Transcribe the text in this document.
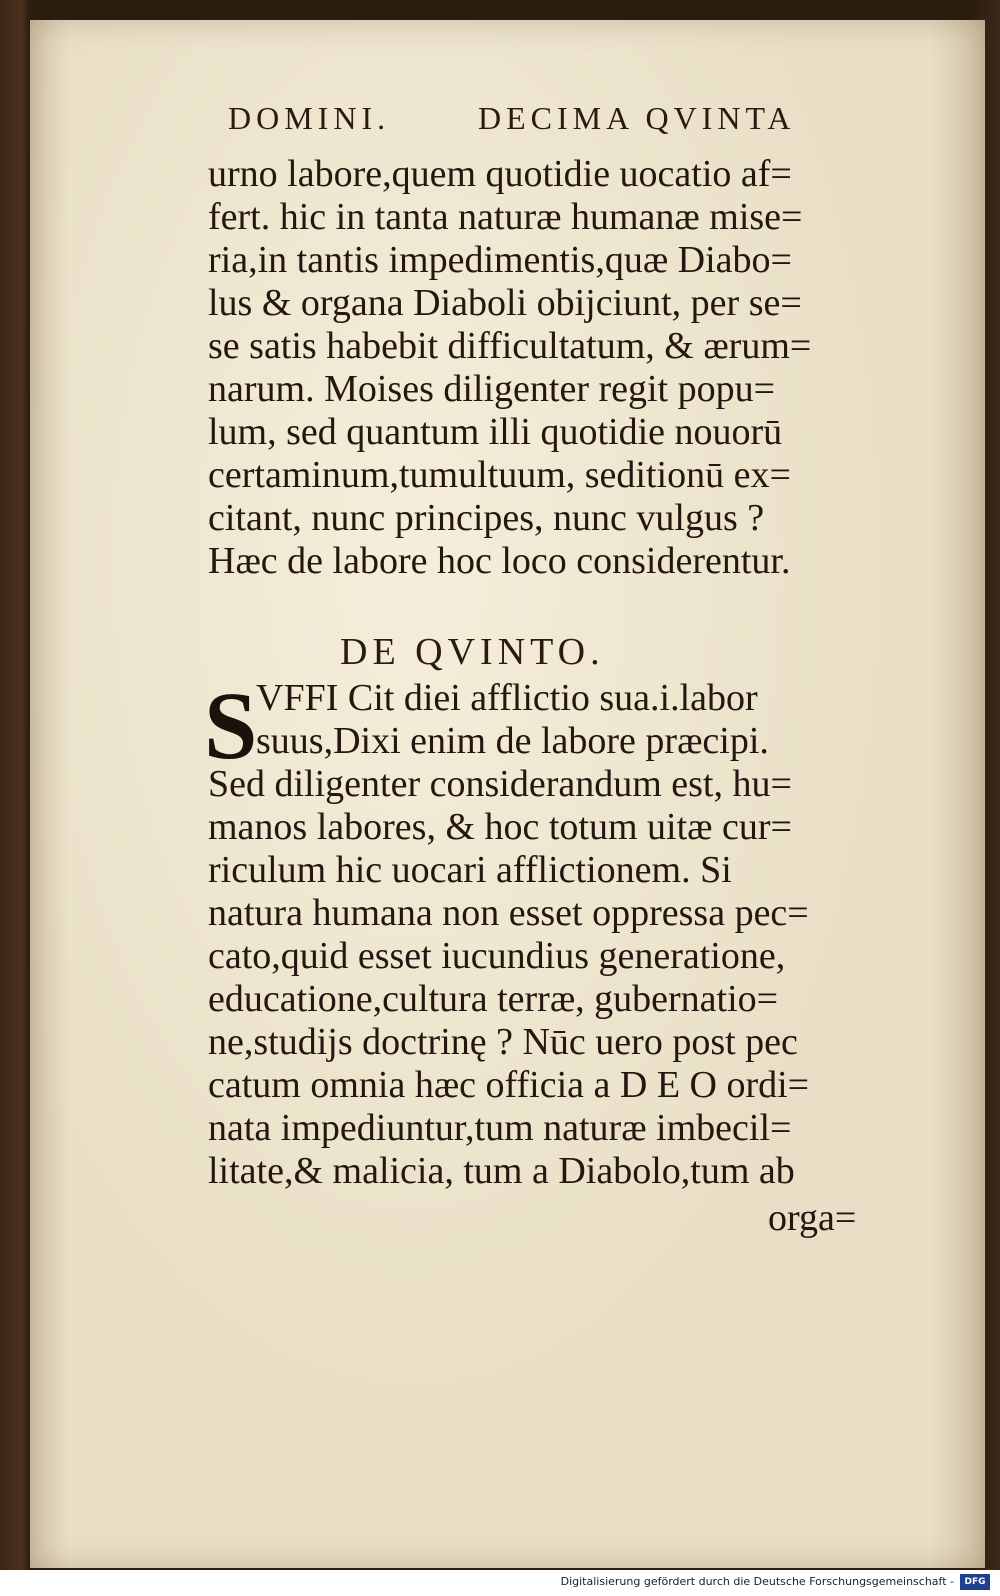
DOMINI.	DECIMA QVINTA
urno labore,quem quotidie uocatio af=
fert. hic in tanta naturæ humanæ mise=
ria,in tantis impedimentis,quæ Diabo=
lus & organa Diaboli obijciunt, per se=
se satis habebit difficultatum, & ærum=
narum. Moises diligenter regit popu=
lum, sed quantum illi quotidie nouorū
certaminum,tumultuum, seditionū ex=
citant, nunc principes, nunc vulgus ?
Hæc de labore hoc loco considerentur.
DE QVINTO.
S
VFFI Cit diei afflictio sua.i.labor
suus,Dixi enim de labore præcipi.
Sed diligenter considerandum est, hu=
manos labores, & hoc totum uitæ cur=
riculum hic uocari afflictionem. Si
natura humana non esset oppressa pec=
cato,quid esset iucundius generatione,
educatione,cultura terræ, gubernatio=
ne,studijs doctrinę ? Nūc uero post pec
catum omnia hæc officia a D E O ordi=
nata impediuntur,tum naturæ imbecil=
litate,& malicia, tum a Diabolo,tum ab
orga=
Digitalisierung gefördert durch die Deutsche Forschungsgemeinschaft -	DFG
